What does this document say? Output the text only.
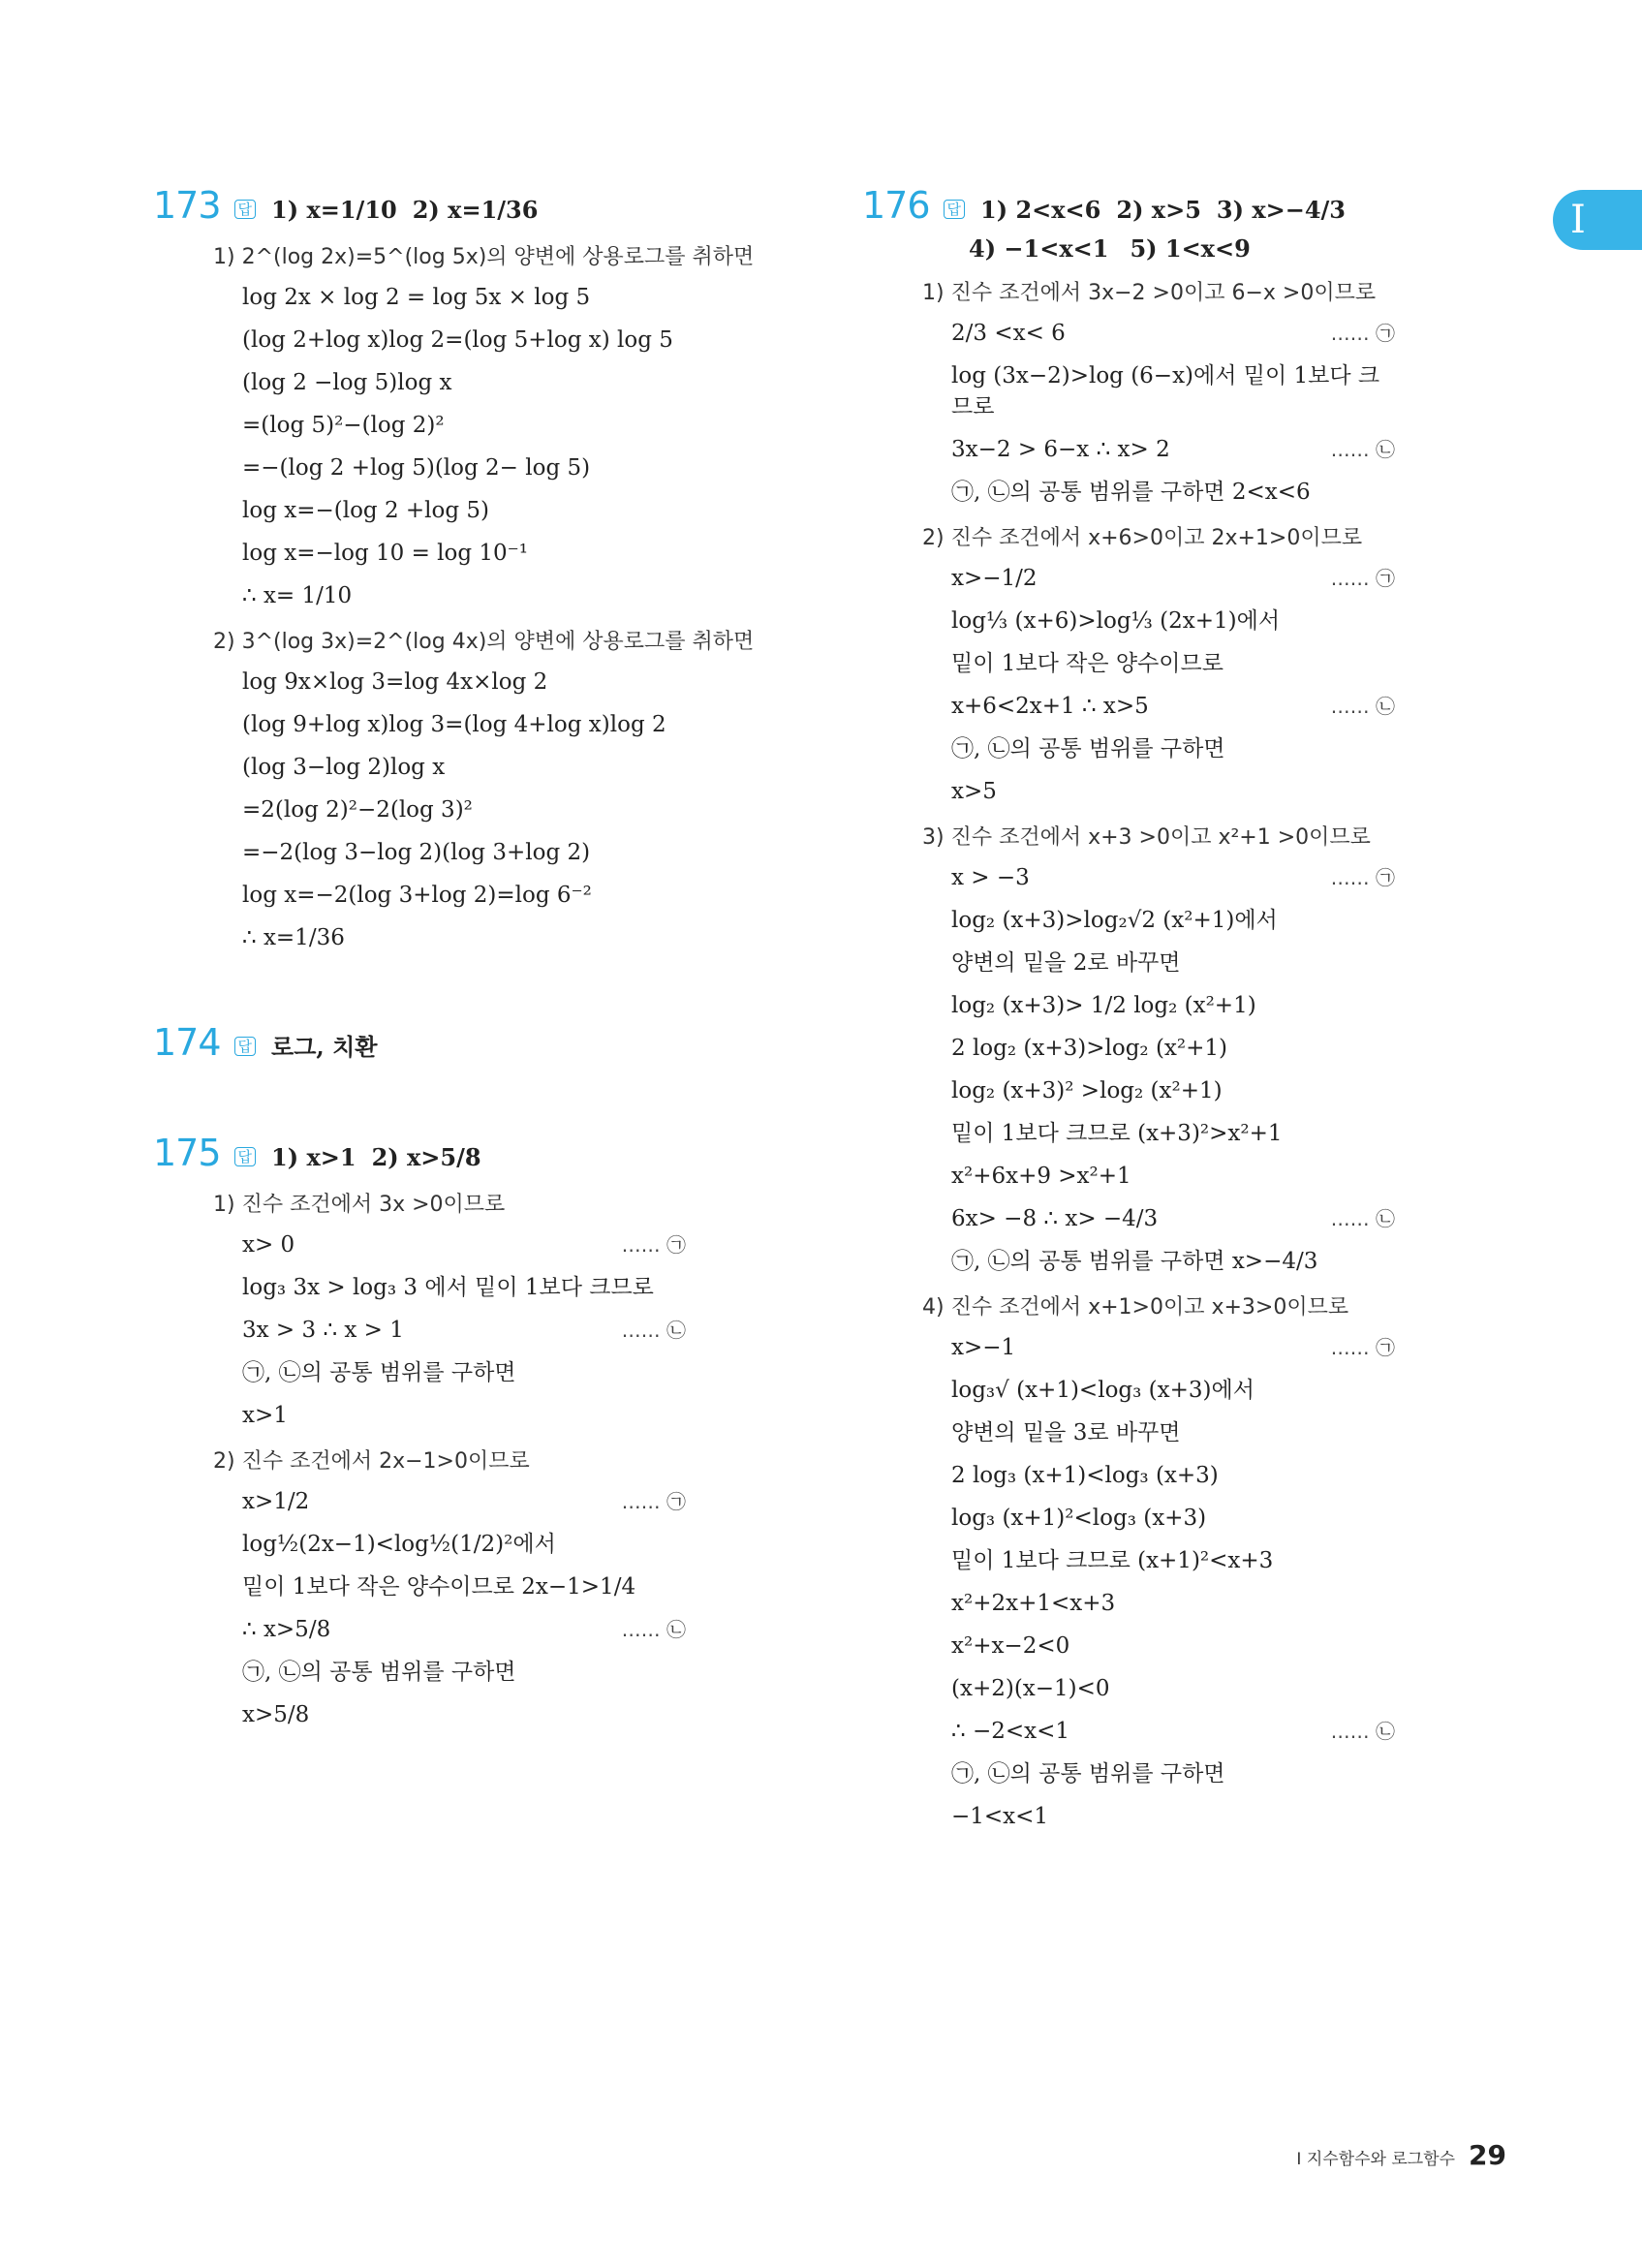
I
173 답 1) x=1/10 2) x=1/36
1) 2^(log 2x)=5^(log 5x)의 양변에 상용로그를 취하면
log 2x × log 2 = log 5x × log 5
(log 2+log x)log 2=(log 5+log x) log 5
(log 2 −log 5)log x
=(log 5)²−(log 2)²
=−(log 2 +log 5)(log 2− log 5)
log x=−(log 2 +log 5)
log x=−log 10 = log 10⁻¹
∴ x= 1/10
2) 3^(log 3x)=2^(log 4x)의 양변에 상용로그를 취하면
log 9x×log 3=log 4x×log 2
(log 9+log x)log 3=(log 4+log x)log 2
(log 3−log 2)log x
=2(log 2)²−2(log 3)²
=−2(log 3−log 2)(log 3+log 2)
log x=−2(log 3+log 2)=log 6⁻²
∴ x=1/36
174 답 로그, 치환
175 답 1) x>1 2) x>5/8
1) 진수 조건에서 3x >0이므로
x> 0	…… ㉠
log₃ 3x > log₃ 3 에서 밑이 1보다 크므로
3x > 3 ∴ x > 1	…… ㉡
㉠, ㉡의 공통 범위를 구하면
x>1
2) 진수 조건에서 2x−1>0이므로
x>1/2	…… ㉠
log½(2x−1)<log½(1/2)²에서
밑이 1보다 작은 양수이므로 2x−1>1/4
∴ x>5/8	…… ㉡
㉠, ㉡의 공통 범위를 구하면
x>5/8
176 답 1) 2<x<6 2) x>5 3) x>−4/3
4) −1<x<1 5) 1<x<9
1) 진수 조건에서 3x−2 >0이고 6−x >0이므로
2/3 <x< 6	…… ㉠
log (3x−2)>log (6−x)에서 밑이 1보다 크므로
3x−2 > 6−x ∴ x> 2	…… ㉡
㉠, ㉡의 공통 범위를 구하면 2<x<6
2) 진수 조건에서 x+6>0이고 2x+1>0이므로
x>−1/2	…… ㉠
log⅓ (x+6)>log⅓ (2x+1)에서
밑이 1보다 작은 양수이므로
x+6<2x+1 ∴ x>5	…… ㉡
㉠, ㉡의 공통 범위를 구하면
x>5
3) 진수 조건에서 x+3 >0이고 x²+1 >0이므로
x > −3	…… ㉠
log₂ (x+3)>log₂√2 (x²+1)에서
양변의 밑을 2로 바꾸면
log₂ (x+3)> 1/2 log₂ (x²+1)
2 log₂ (x+3)>log₂ (x²+1)
log₂ (x+3)² >log₂ (x²+1)
밑이 1보다 크므로 (x+3)²>x²+1
x²+6x+9 >x²+1
6x> −8 ∴ x> −4/3	…… ㉡
㉠, ㉡의 공통 범위를 구하면 x>−4/3
4) 진수 조건에서 x+1>0이고 x+3>0이므로
x>−1	…… ㉠
log₃√ (x+1)<log₃ (x+3)에서
양변의 밑을 3로 바꾸면
2 log₃ (x+1)<log₃ (x+3)
log₃ (x+1)²<log₃ (x+3)
밑이 1보다 크므로 (x+1)²<x+3
x²+2x+1<x+3
x²+x−2<0
(x+2)(x−1)<0
∴ −2<x<1	…… ㉡
㉠, ㉡의 공통 범위를 구하면
−1<x<1
I 지수함수와 로그함수 29
